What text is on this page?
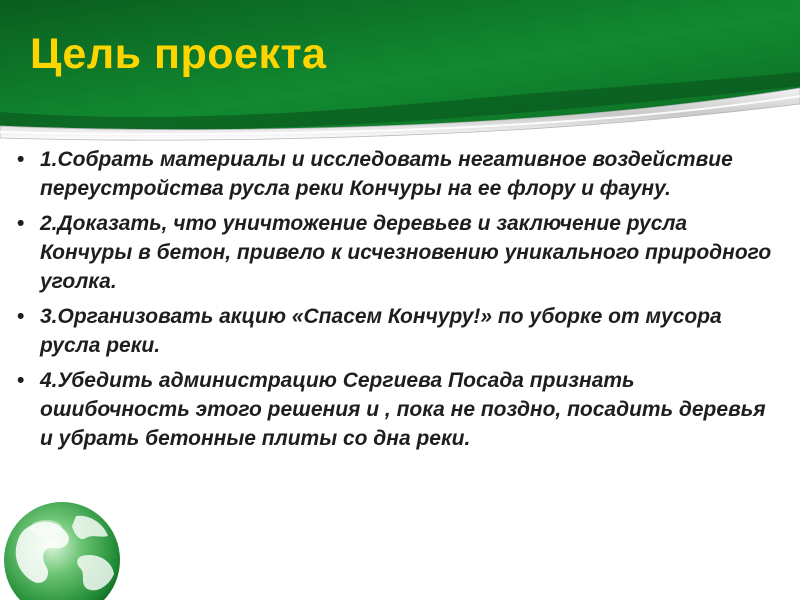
Цель проекта
• 1.Собрать материалы и исследовать негативное воздействие переустройства русла реки Кончуры на ее флору и фауну.
• 2.Доказать, что уничтожение деревьев и заключение русла Кончуры в бетон, привело к исчезновению уникального природного уголка.
• 3.Организовать акцию «Спасем Кончуру!» по уборке от мусора русла реки.
• 4.Убедить администрацию Сергиева Посада признать ошибочность этого решения и , пока не поздно, посадить деревья и убрать бетонные плиты со дна реки.
